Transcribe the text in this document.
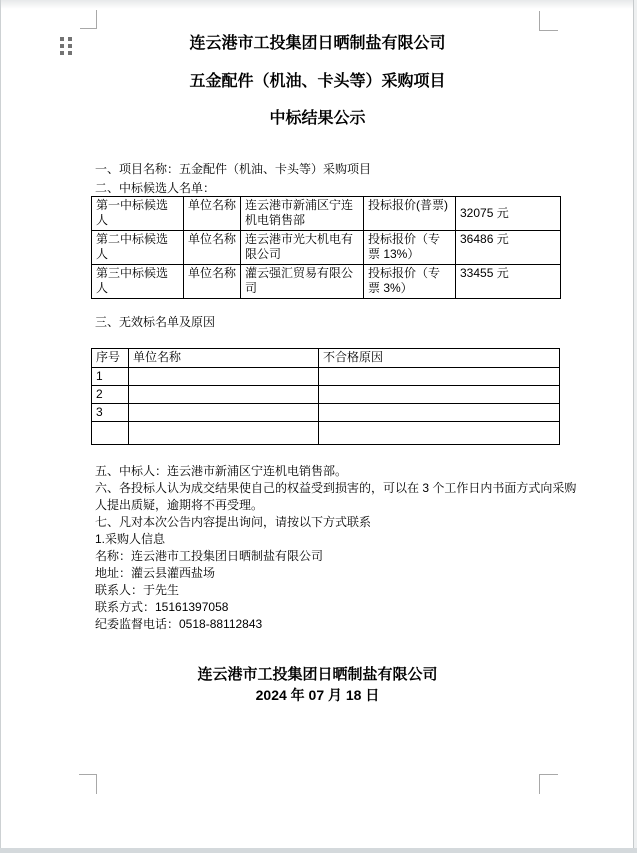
连云港市工投集团日晒制盐有限公司
五金配件（机油、卡头等）采购项目
中标结果公示
一、项目名称：五金配件（机油、卡头等）采购项目
二、中标候选人名单：
第一中标候选人	单位名称	连云港市新浦区宁连机电销售部	投标报价(普票)	32075 元
第二中标候选人	单位名称	连云港市光大机电有限公司	投标报价（专票 13%）	36486 元
第三中标候选人	单位名称	灌云强汇贸易有限公司	投标报价（专票 3%）	33455 元
三、无效标名单及原因
序号	单位名称	不合格原因
1		
2		
3		

五、中标人：连云港市新浦区宁连机电销售部。
六、各投标人认为成交结果使自己的权益受到损害的，可以在 3 个工作日内书面方式向采购
人提出质疑，逾期将不再受理。
七、凡对本次公告内容提出询问，请按以下方式联系
1.采购人信息
名称：连云港市工投集团日晒制盐有限公司
地址：灌云县灌西盐场
联系人：于先生
联系方式：15161397058
纪委监督电话：0518-88112843
连云港市工投集团日晒制盐有限公司
2024 年 07 月 18 日
